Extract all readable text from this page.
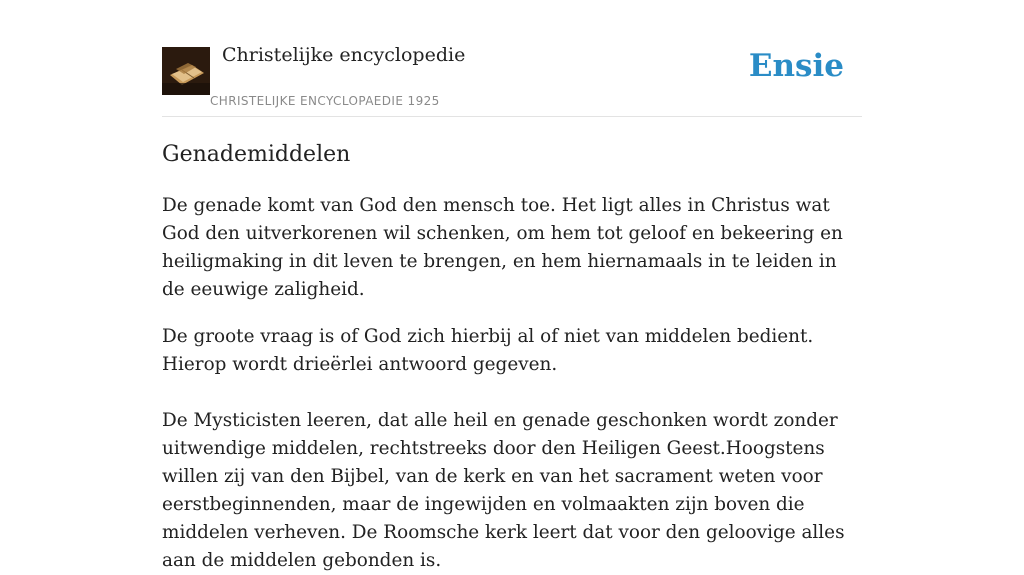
Christelijke encyclopedie
CHRISTELIJKE ENCYCLOPAEDIE 1925
Ensie
Genademiddelen

De genade komt van God den mensch toe. Het ligt alles in Christus wat God den uitverkorenen wil schenken, om hem tot geloof en bekeering en heiligmaking in dit leven te brengen, en hem hiernamaals in te leiden in de eeuwige zaligheid.

De groote vraag is of God zich hierbij al of niet van middelen bedient. Hierop wordt drieërlei antwoord gegeven.

De Mysticisten leeren, dat alle heil en genade geschonken wordt zonder uitwendige middelen, rechtstreeks door den Heiligen Geest.Hoogstens willen zij van den Bijbel, van de kerk en van het sacrament weten voor eerstbeginnenden, maar de ingewijden en volmaakten zijn boven die middelen verheven. De Roomsche kerk leert dat voor den geloovige alles aan de middelen gebonden is.
